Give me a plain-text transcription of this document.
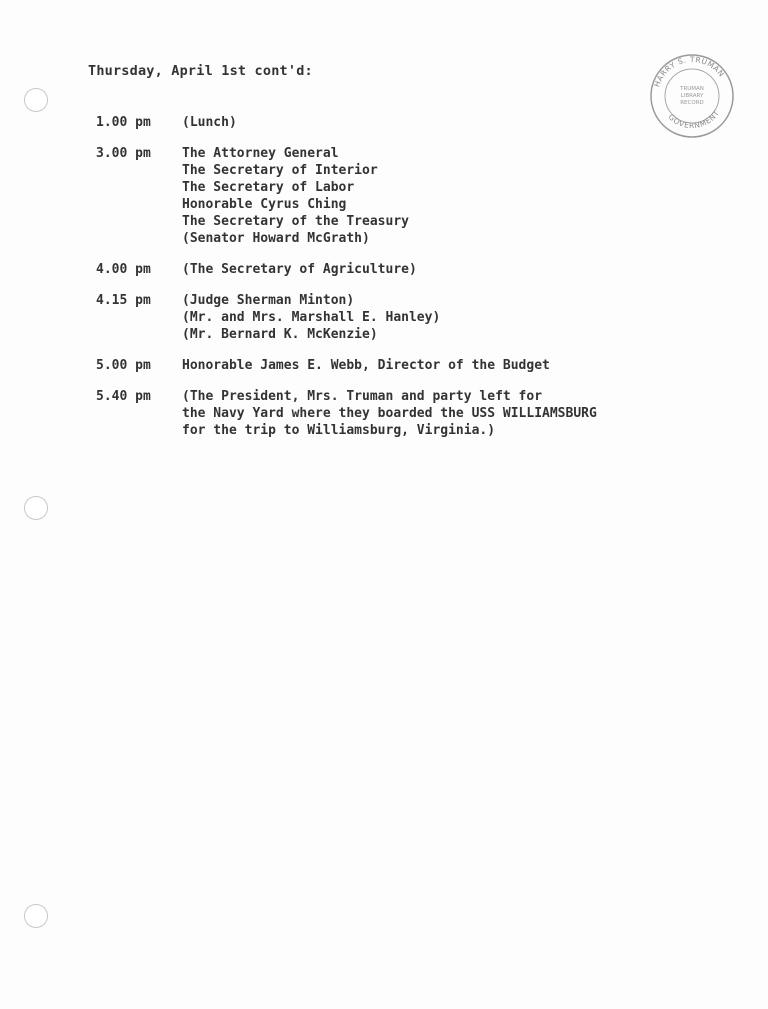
HARRY S. TRUMAN
GOVERNMENT
TRUMAN
LIBRARY
RECORD
Thursday, April 1st cont'd:
1.00 pm	(Lunch)
3.00 pm	The Attorney General
The Secretary of Interior
The Secretary of Labor
Honorable Cyrus Ching
The Secretary of the Treasury
(Senator Howard McGrath)
4.00 pm	(The Secretary of Agriculture)
4.15 pm	(Judge Sherman Minton)
(Mr. and Mrs. Marshall E. Hanley)
(Mr. Bernard K. McKenzie)
5.00 pm	Honorable James E. Webb, Director of the Budget
5.40 pm	(The President, Mrs. Truman and party left for
the Navy Yard where they boarded the USS WILLIAMSBURG
for the trip to Williamsburg, Virginia.)
